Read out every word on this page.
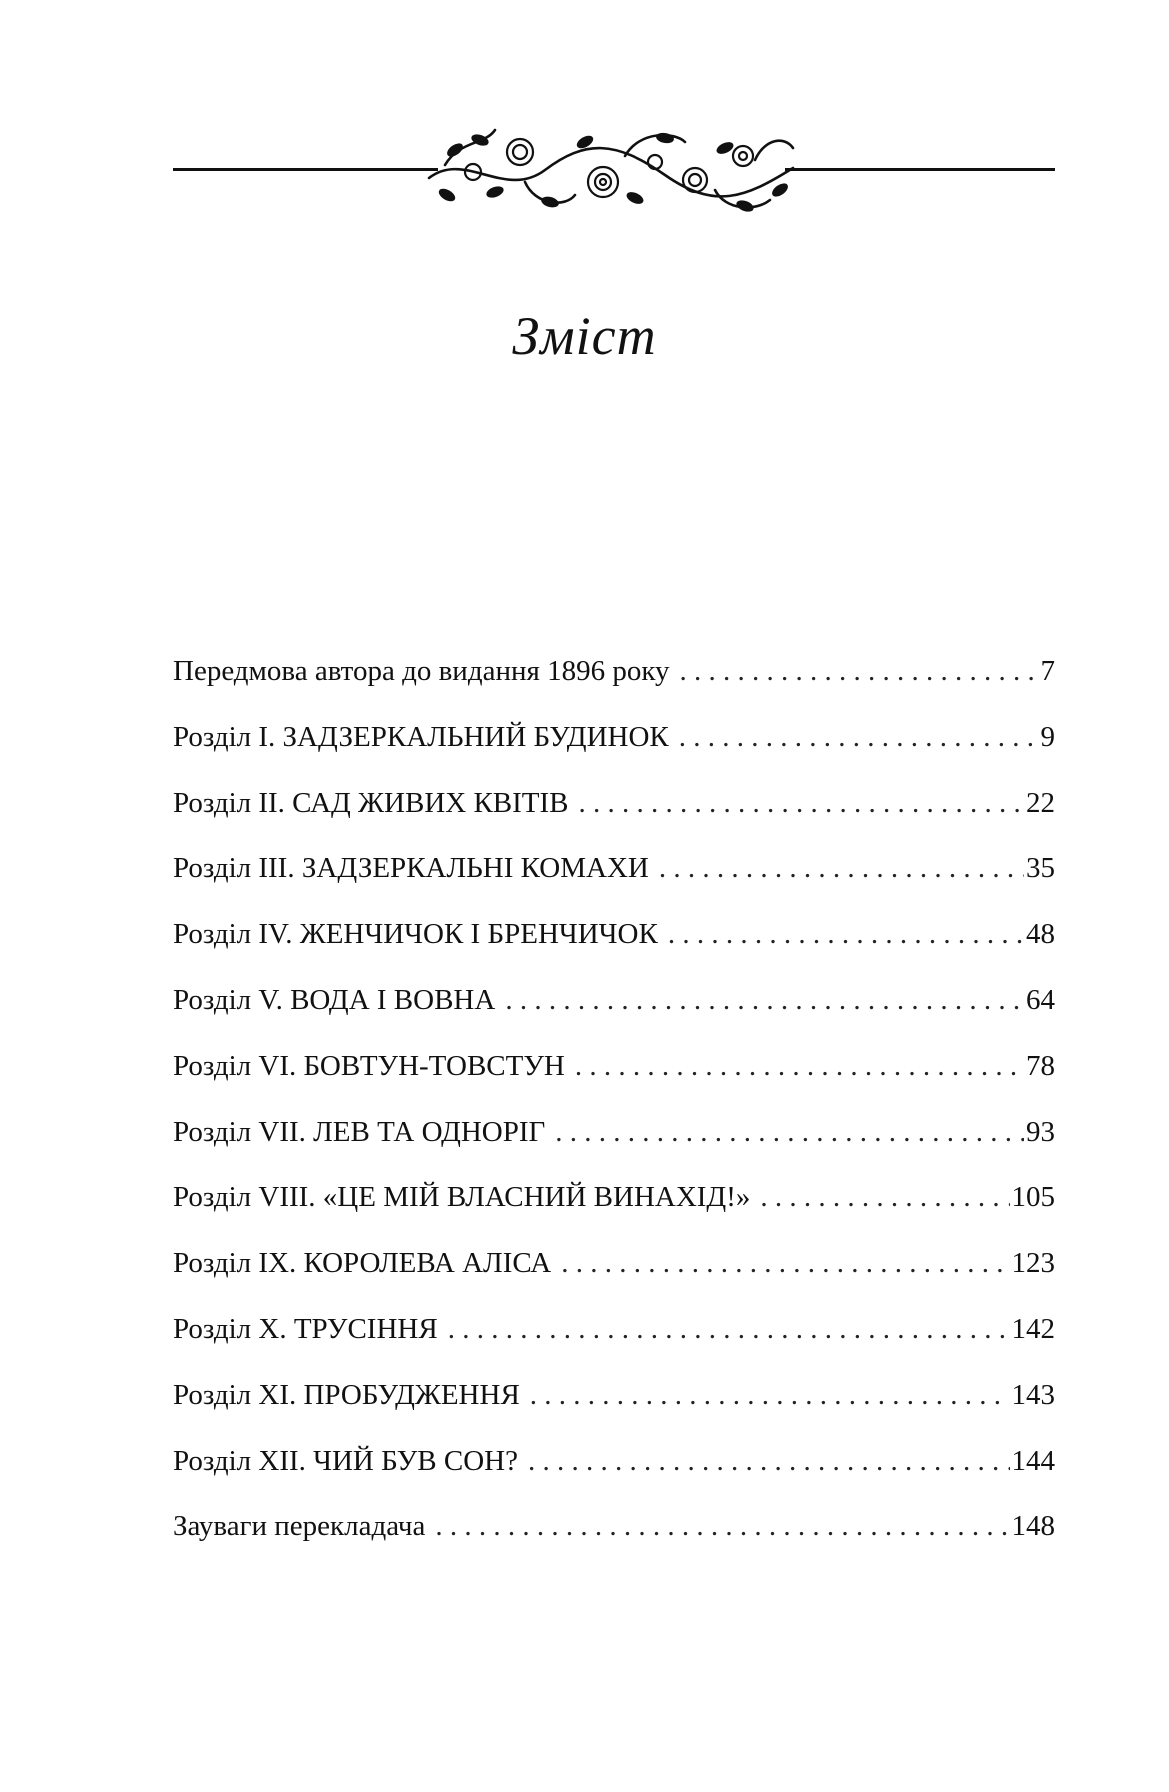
Зміст
Передмова автора до видання 1896 року . . .	7
Розділ I. ЗАДЗЕРКАЛЬНИЙ БУДИНОК . . .	9
Розділ II. САД ЖИВИХ КВІТІВ . . .	22
Розділ III. ЗАДЗЕРКАЛЬНІ КОМАХИ . . .	35
Розділ IV. ЖЕНЧИЧОК І БРЕНЧИЧОК . . .	48
Розділ V. ВОДА І ВОВНА . . .	64
Розділ VI. БОВТУН-ТОВСТУН . . .	78
Розділ VII. ЛЕВ ТА ОДНОРІГ . . .	93
Розділ VIII. «ЦЕ МІЙ ВЛАСНИЙ ВИНАХІД!» . . .	105
Розділ IX. КОРОЛЕВА АЛІСА . . .	123
Розділ X. ТРУСІННЯ . . .	142
Розділ XI. ПРОБУДЖЕННЯ . . .	143
Розділ XII. ЧИЙ БУВ СОН? . . .	144
Зауваги перекладача . . .	148
